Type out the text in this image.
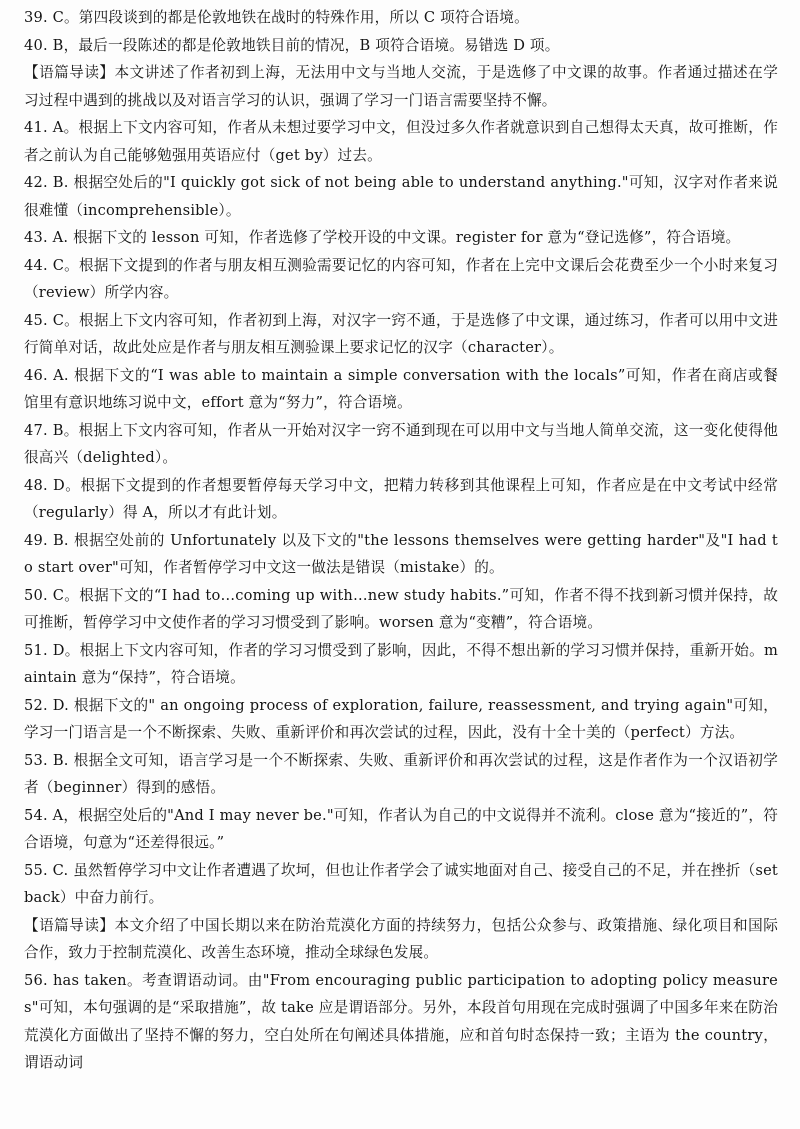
39. C。第四段谈到的都是伦敦地铁在战时的特殊作用，所以 C 项符合语境。

40. B，最后一段陈述的都是伦敦地铁目前的情况，B 项符合语境。易错选 D 项。

【语篇导读】本文讲述了作者初到上海，无法用中文与当地人交流，于是选修了中文课的故事。作者通过描述在学习过程中遇到的挑战以及对语言学习的认识，强调了学习一门语言需要坚持不懈。

41. A。根据上下文内容可知，作者从未想过要学习中文，但没过多久作者就意识到自己想得太天真，故可推断，作者之前认为自己能够勉强用英语应付（get by）过去。

42. B. 根据空处后的"I quickly got sick of not being able to understand anything."可知，汉字对作者来说很难懂（incomprehensible）。

43. A. 根据下文的 lesson 可知，作者选修了学校开设的中文课。register for 意为“登记选修”，符合语境。

44. C。根据下文提到的作者与朋友相互测验需要记忆的内容可知，作者在上完中文课后会花费至少一个小时来复习（review）所学内容。

45. C。根据上下文内容可知，作者初到上海，对汉字一窍不通，于是选修了中文课，通过练习，作者可以用中文进行简单对话，故此处应是作者与朋友相互测验课上要求记忆的汉字（character）。

46. A. 根据下文的“I was able to maintain a simple conversation with the locals”可知，作者在商店或餐馆里有意识地练习说中文，effort 意为“努力”，符合语境。

47. B。根据上下文内容可知，作者从一开始对汉字一窍不通到现在可以用中文与当地人简单交流，这一变化使得他很高兴（delighted）。

48. D。根据下文提到的作者想要暂停每天学习中文，把精力转移到其他课程上可知，作者应是在中文考试中经常（regularly）得 A，所以才有此计划。

49. B. 根据空处前的 Unfortunately 以及下文的"the lessons themselves were getting harder"及"I had to start over"可知，作者暂停学习中文这一做法是错误（mistake）的。

50. C。根据下文的“I had to…coming up with…new study habits.”可知，作者不得不找到新习惯并保持，故可推断，暂停学习中文使作者的学习习惯受到了影响。worsen 意为“变糟”，符合语境。

51. D。根据上下文内容可知，作者的学习习惯受到了影响，因此，不得不想出新的学习习惯并保持，重新开始。maintain 意为“保持”，符合语境。

52. D. 根据下文的" an ongoing process of exploration, failure, reassessment, and trying again"可知，学习一门语言是一个不断探索、失败、重新评价和再次尝试的过程，因此，没有十全十美的（perfect）方法。

53. B. 根据全文可知，语言学习是一个不断探索、失败、重新评价和再次尝试的过程，这是作者作为一个汉语初学者（beginner）得到的感悟。

54. A，根据空处后的"And I may never be."可知，作者认为自己的中文说得并不流利。close 意为“接近的”，符合语境，句意为“还差得很远。”

55. C. 虽然暂停学习中文让作者遭遇了坎坷，但也让作者学会了诚实地面对自己、接受自己的不足，并在挫折（setback）中奋力前行。

【语篇导读】本文介绍了中国长期以来在防治荒漠化方面的持续努力，包括公众参与、政策措施、绿化项目和国际合作，致力于控制荒漠化、改善生态环境，推动全球绿色发展。

56. has taken。考查谓语动词。由"From encouraging public participation to adopting policy measures"可知，本句强调的是“采取措施”，故 take 应是谓语部分。另外，本段首句用现在完成时强调了中国多年来在防治荒漠化方面做出了坚持不懈的努力，空白处所在句阐述具体措施，应和首句时态保持一致；主语为 the country，谓语动词
